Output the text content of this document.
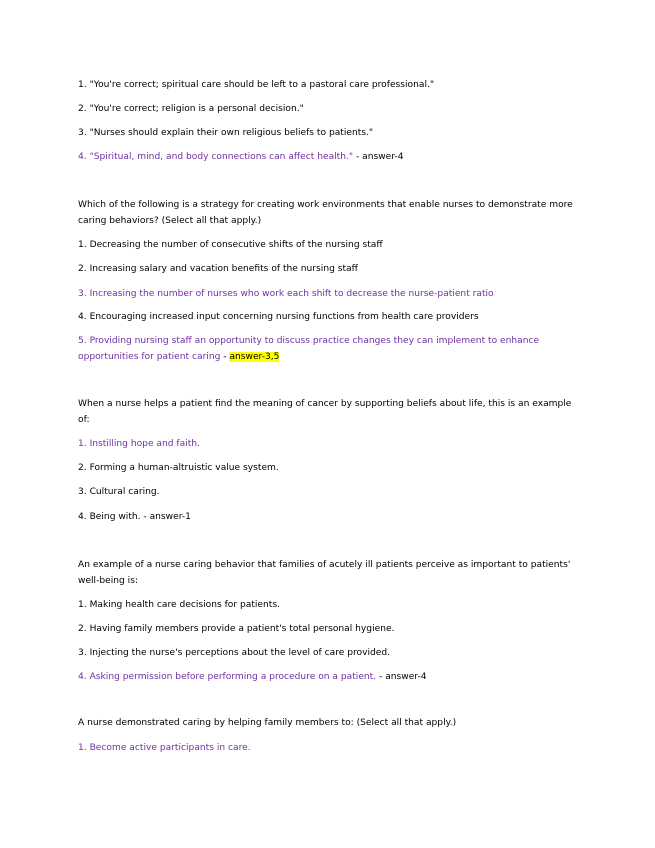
1. "You're correct; spiritual care should be left to a pastoral care professional."
2. "You're correct; religion is a personal decision."
3. "Nurses should explain their own religious beliefs to patients."
4. "Spiritual, mind, and body connections can affect health." - answer-4
Which of the following is a strategy for creating work environments that enable nurses to demonstrate more caring behaviors? (Select all that apply.)
1. Decreasing the number of consecutive shifts of the nursing staff
2. Increasing salary and vacation benefits of the nursing staff
3. Increasing the number of nurses who work each shift to decrease the nurse-patient ratio
4. Encouraging increased input concerning nursing functions from health care providers
5. Providing nursing staff an opportunity to discuss practice changes they can implement to enhance opportunities for patient caring - answer-3,5
When a nurse helps a patient find the meaning of cancer by supporting beliefs about life, this is an example of:
1. Instilling hope and faith.
2. Forming a human-altruistic value system.
3. Cultural caring.
4. Being with. - answer-1
An example of a nurse caring behavior that families of acutely ill patients perceive as important to patients' well-being is:
1. Making health care decisions for patients.
2. Having family members provide a patient's total personal hygiene.
3. Injecting the nurse's perceptions about the level of care provided.
4. Asking permission before performing a procedure on a patient. - answer-4
A nurse demonstrated caring by helping family members to: (Select all that apply.)
1. Become active participants in care.
